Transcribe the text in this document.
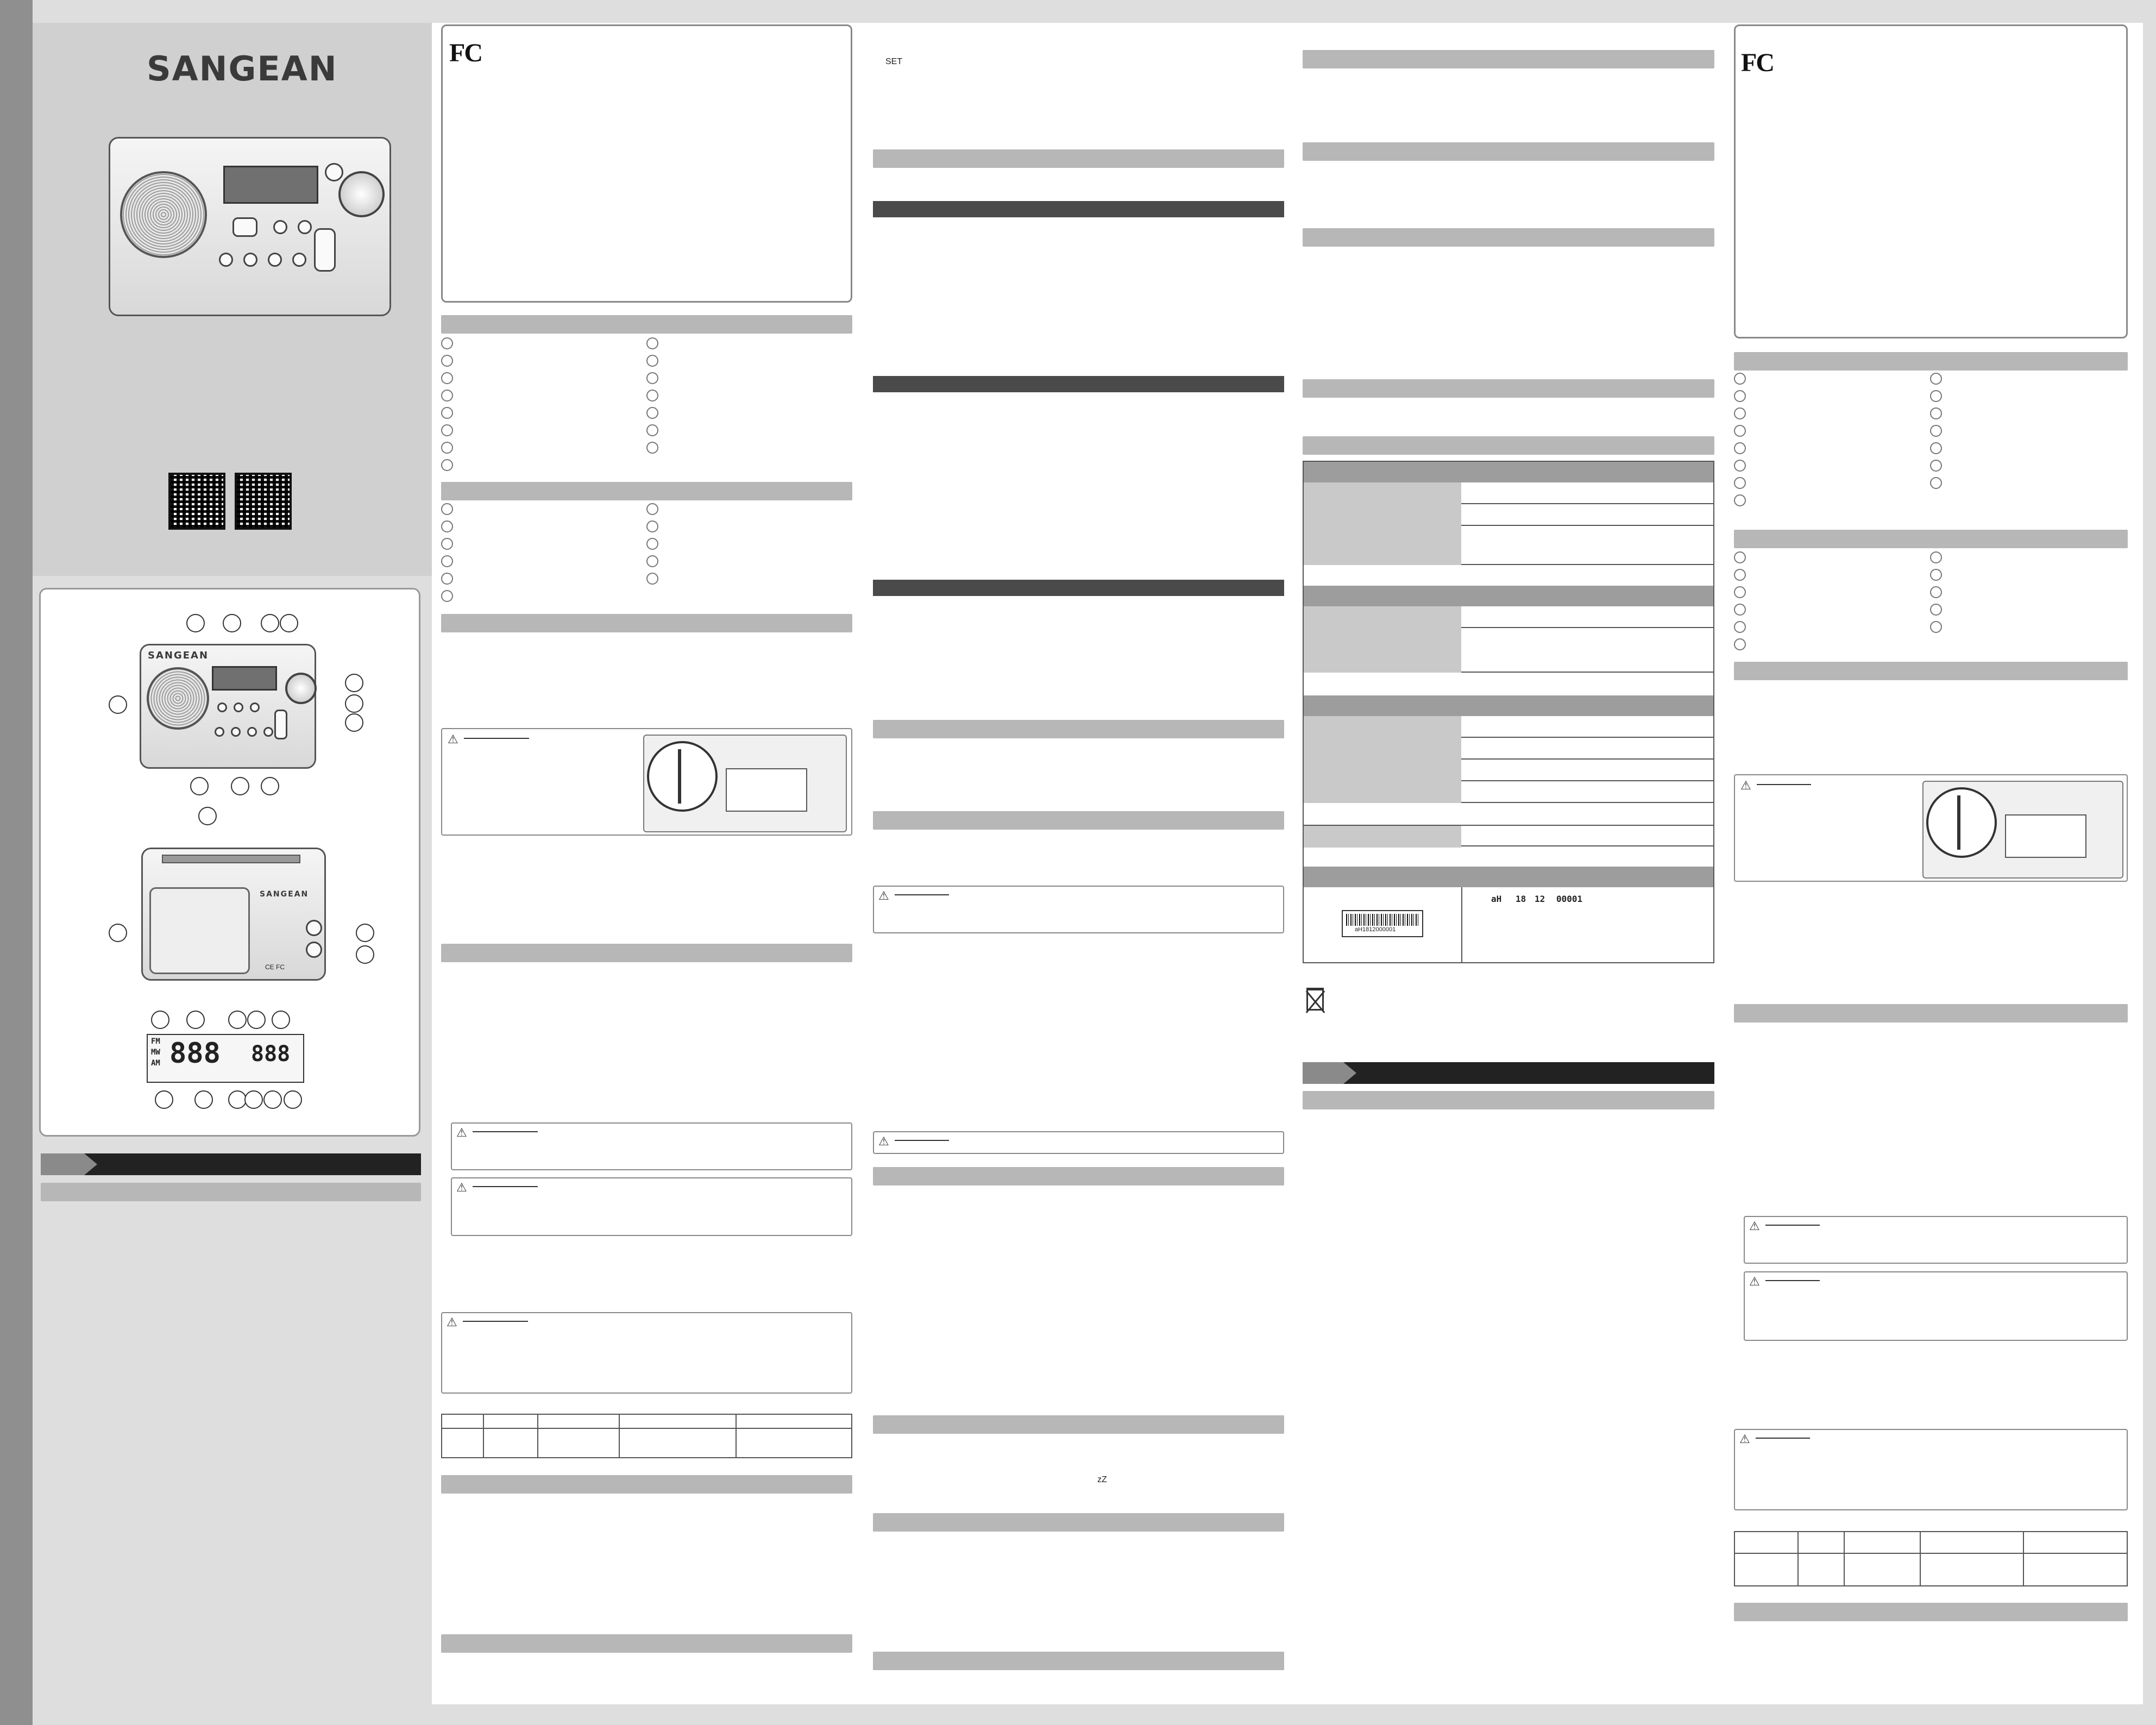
SANGEAN
SANGEAN
SANGEAN
CE FC
FM
MW
AM 888 888
FC
⚠
⚠
⚠
⚠
SET
⚠
⚠
zZ
aH1812000001
aH 18 12 00001
FC
⚠
⚠
⚠
⚠
